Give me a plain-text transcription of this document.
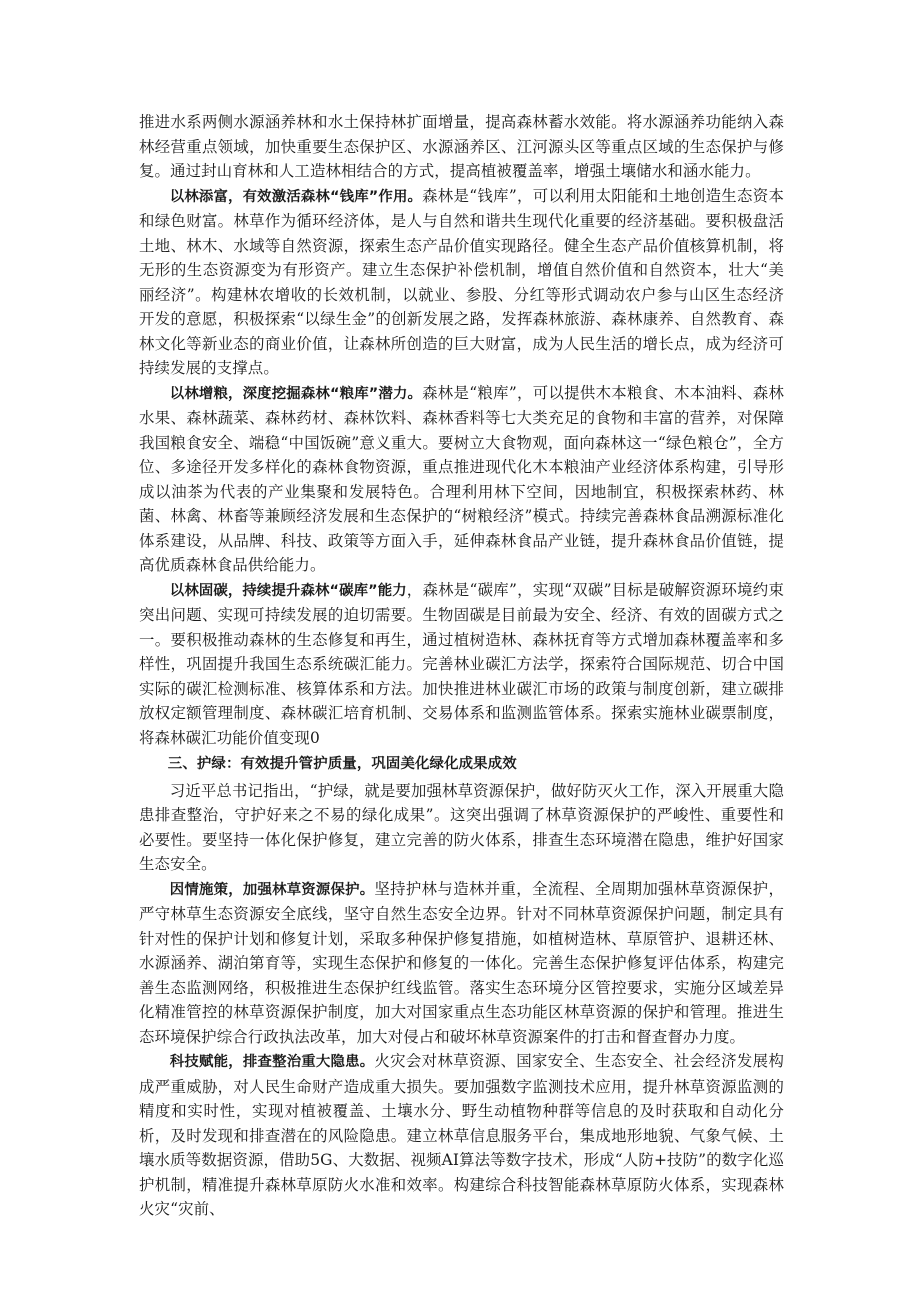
推进水系两侧水源涵养林和水土保持林扩面增量，提高森林蓄水效能。将水源涵养功能纳入森林经营重点领域，加快重要生态保护区、水源涵养区、江河源头区等重点区域的生态保护与修复。通过封山育林和人工造林相结合的方式，提高植被覆盖率，增强土壤储水和涵水能力。

以林添富，有效激活森林“钱库”作用。森林是“钱库”，可以利用太阳能和土地创造生态资本和绿色财富。林草作为循环经济体，是人与自然和谐共生现代化重要的经济基础。要积极盘活土地、林木、水域等自然资源，探索生态产品价值实现路径。健全生态产品价值核算机制，将无形的生态资源变为有形资产。建立生态保护补偿机制，增值自然价值和自然资本，壮大“美丽经济”。构建林农增收的长效机制，以就业、参股、分红等形式调动农户参与山区生态经济开发的意愿，积极探索“以绿生金”的创新发展之路，发挥森林旅游、森林康养、自然教育、森林文化等新业态的商业价值，让森林所创造的巨大财富，成为人民生活的增长点，成为经济可持续发展的支撑点。

以林增粮，深度挖掘森林“粮库”潜力。森林是“粮库”，可以提供木本粮食、木本油料、森林水果、森林蔬菜、森林药材、森林饮料、森林香料等七大类充足的食物和丰富的营养，对保障我国粮食安全、端稳“中国饭碗”意义重大。要树立大食物观，面向森林这一“绿色粮仓”，全方位、多途径开发多样化的森林食物资源，重点推进现代化木本粮油产业经济体系构建，引导形成以油茶为代表的产业集聚和发展特色。合理利用林下空间，因地制宜，积极探索林药、林菌、林禽、林畜等兼顾经济发展和生态保护的“树粮经济”模式。持续完善森林食品溯源标准化体系建设，从品牌、科技、政策等方面入手，延伸森林食品产业链，提升森林食品价值链，提高优质森林食品供给能力。

以林固碳，持续提升森林“碳库”能力，森林是“碳库”，实现“双碳”目标是破解资源环境约束突出问题、实现可持续发展的迫切需要。生物固碳是目前最为安全、经济、有效的固碳方式之一。要积极推动森林的生态修复和再生，通过植树造林、森林抚育等方式增加森林覆盖率和多样性，巩固提升我国生态系统碳汇能力。完善林业碳汇方法学，探索符合国际规范、切合中国实际的碳汇检测标准、核算体系和方法。加快推进林业碳汇市场的政策与制度创新，建立碳排放权定额管理制度、森林碳汇培育机制、交易体系和监测监管体系。探索实施林业碳票制度，将森林碳汇功能价值变现0

三、护绿：有效提升管护质量，巩固美化绿化成果成效

习近平总书记指出，“护绿，就是要加强林草资源保护，做好防灭火工作，深入开展重大隐患排查整治，守护好来之不易的绿化成果”。这突出强调了林草资源保护的严峻性、重要性和必要性。要坚持一体化保护修复，建立完善的防火体系，排查生态环境潜在隐患，维护好国家生态安全。

因情施策，加强林草资源保护。坚持护林与造林并重，全流程、全周期加强林草资源保护，严守林草生态资源安全底线，坚守自然生态安全边界。针对不同林草资源保护问题，制定具有针对性的保护计划和修复计划，采取多种保护修复措施，如植树造林、草原管护、退耕还林、水源涵养、湖泊第育等，实现生态保护和修复的一体化。完善生态保护修复评估体系，构建完善生态监测网络，积极推进生态保护红线监管。落实生态环境分区管控要求，实施分区域差异化精准管控的林草资源保护制度，加大对国家重点生态功能区林草资源的保护和管理。推进生态环境保护综合行政执法改革，加大对侵占和破坏林草资源案件的打击和督查督办力度。

科技赋能，排查整治重大隐患。火灾会对林草资源、国家安全、生态安全、社会经济发展构成严重威胁，对人民生命财产造成重大损失。要加强数字监测技术应用，提升林草资源监测的精度和实时性，实现对植被覆盖、土壤水分、野生动植物种群等信息的及时获取和自动化分析，及时发现和排查潜在的风险隐患。建立林草信息服务平台，集成地形地貌、气象气候、土壤水质等数据资源，借助5G、大数据、视频AI算法等数字技术，形成“人防+技防”的数字化巡护机制，精准提升森林草原防火水准和效率。构建综合科技智能森林草原防火体系，实现森林火灾“灾前、
